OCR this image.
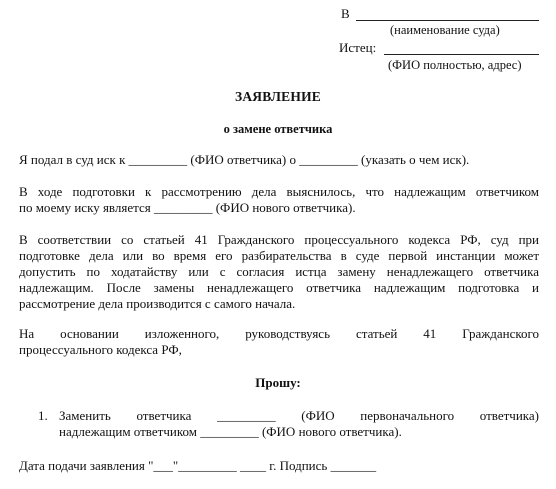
В
(наименование суда)
Истец:
(ФИО полностью, адрес)
ЗАЯВЛЕНИЕ
о замене ответчика
Я подал в суд иск к _________ (ФИО ответчика) о _________ (указать о чем иск).
В ходе подготовки к рассмотрению дела выяснилось, что надлежащим ответчиком
по моему иску является _________ (ФИО нового ответчика).
В соответствии со статьей 41 Гражданского процессуального кодекса РФ, суд при
подготовке дела или во время его разбирательства в суде первой инстанции может
допустить по ходатайству или с согласия истца замену ненадлежащего ответчика
надлежащим. После замены ненадлежащего ответчика надлежащим подготовка и
рассмотрение дела производится с самого начала.
На основании изложенного, руководствуясь статьей 41 Гражданского
процессуального кодекса РФ,
Прошу:
1. Заменить ответчика _________ (ФИО первоначального ответчика)
надлежащим ответчиком _________ (ФИО нового ответчика).
Дата подачи заявления "___"_________ ____ г. Подпись _______
